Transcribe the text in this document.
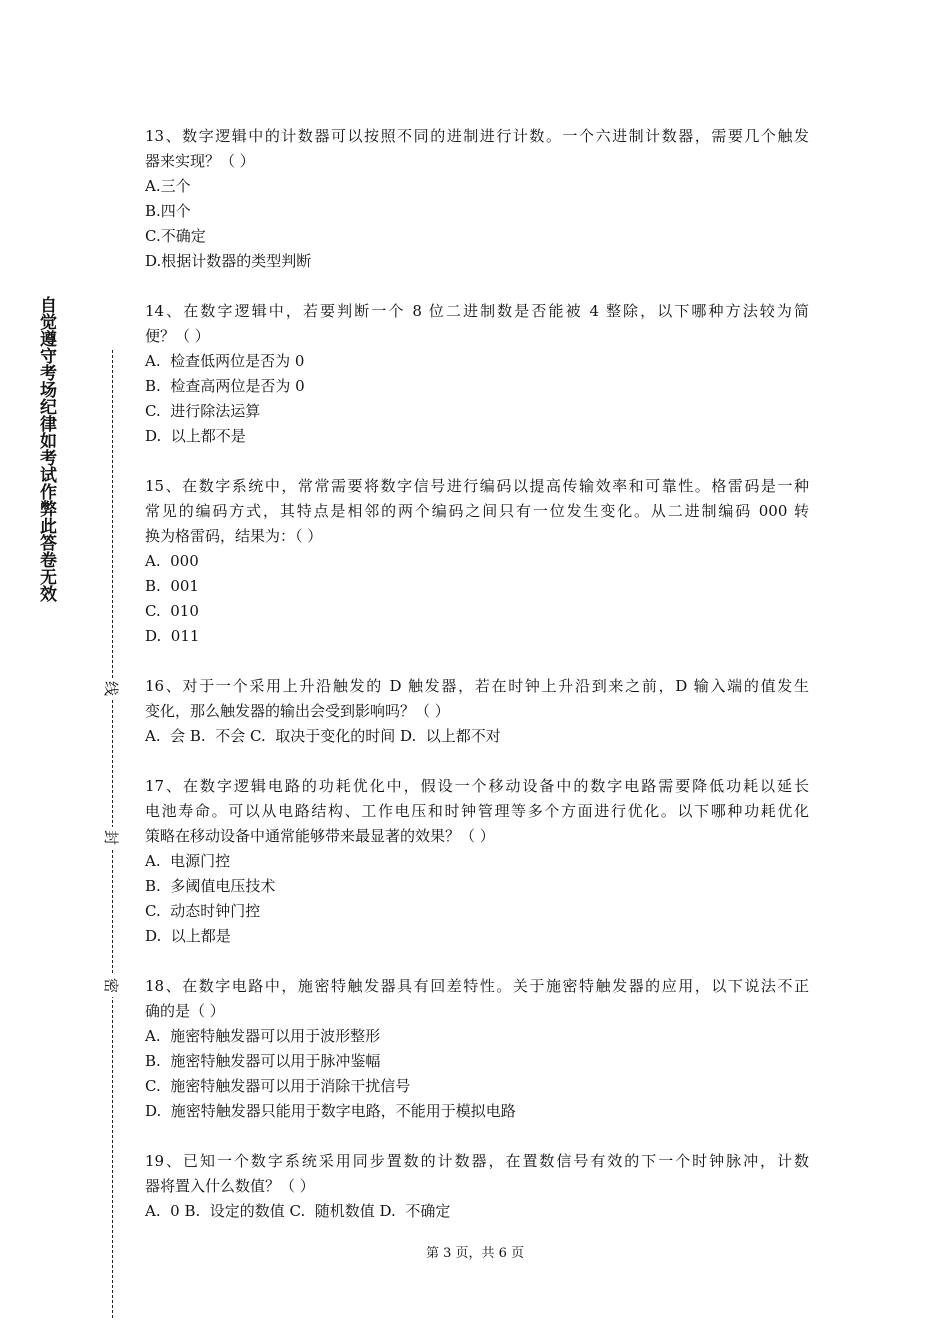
自觉遵守考场纪律如考试作弊此答卷无效
线
封
密
13、数字逻辑中的计数器可以按照不同的进制进行计数。一个六进制计数器，需要几个触发
器来实现？（ ）
A.三个
B.四个
C.不确定
D.根据计数器的类型判断
14、在数字逻辑中，若要判断一个 8 位二进制数是否能被 4 整除，以下哪种方法较为简
便？（ ）
A.  检查低两位是否为 0
B.  检查高两位是否为 0
C.  进行除法运算
D.  以上都不是
15、在数字系统中，常常需要将数字信号进行编码以提高传输效率和可靠性。格雷码是一种
常见的编码方式，其特点是相邻的两个编码之间只有一位发生变化。从二进制编码 000 转
换为格雷码，结果为：（ ）
A.  000
B.  001
C.  010
D.  011
16、对于一个采用上升沿触发的 D 触发器，若在时钟上升沿到来之前，D 输入端的值发生
变化，那么触发器的输出会受到影响吗？（ ）
A.  会 B.  不会 C.  取决于变化的时间 D.  以上都不对
17、在数字逻辑电路的功耗优化中，假设一个移动设备中的数字电路需要降低功耗以延长
电池寿命。可以从电路结构、工作电压和时钟管理等多个方面进行优化。以下哪种功耗优化
策略在移动设备中通常能够带来最显著的效果？（ ）
A.  电源门控
B.  多阈值电压技术
C.  动态时钟门控
D.  以上都是
18、在数字电路中，施密特触发器具有回差特性。关于施密特触发器的应用，以下说法不正
确的是（ ）
A.  施密特触发器可以用于波形整形
B.  施密特触发器可以用于脉冲鉴幅
C.  施密特触发器可以用于消除干扰信号
D.  施密特触发器只能用于数字电路，不能用于模拟电路
19、已知一个数字系统采用同步置数的计数器，在置数信号有效的下一个时钟脉冲，计数
器将置入什么数值？（ ）
A.  0 B.  设定的数值 C.  随机数值 D.  不确定
第 3 页，共 6 页
